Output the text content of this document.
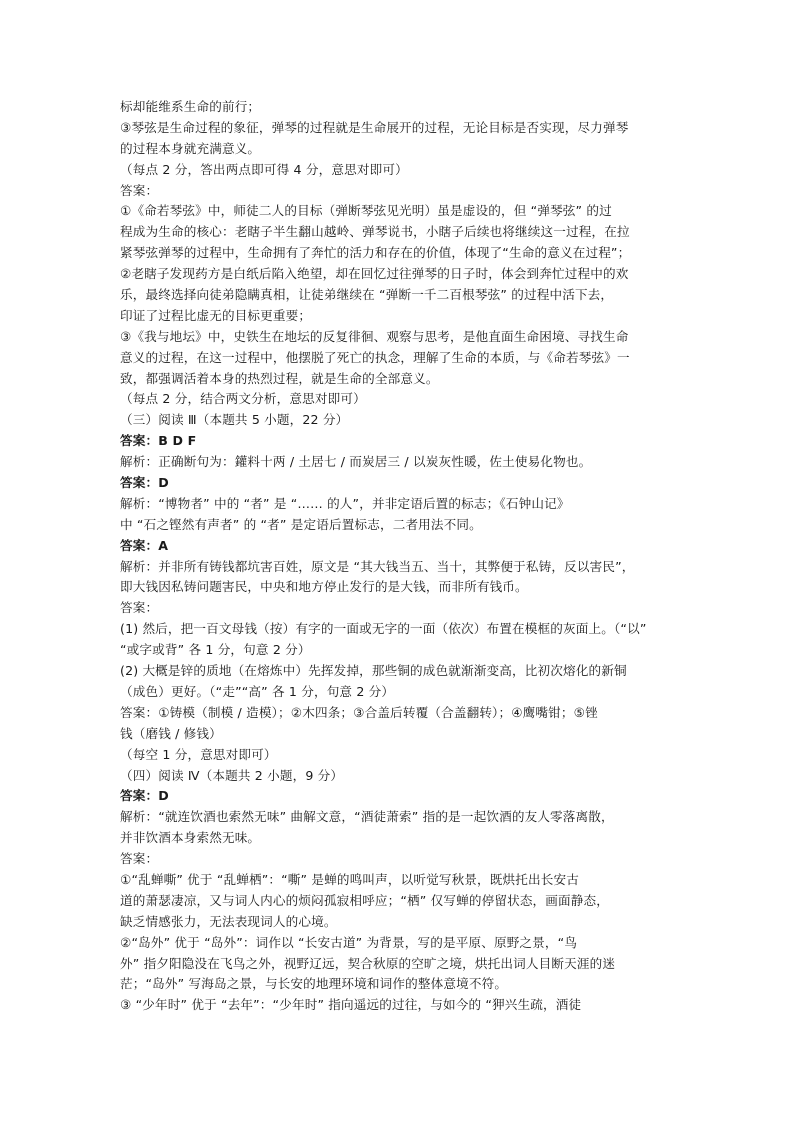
标却能维系生命的前行；
③琴弦是生命过程的象征，弹琴的过程就是生命展开的过程，无论目标是否实现，尽力弹琴
的过程本身就充满意义。
（每点 2 分，答出两点即可得 4 分，意思对即可）
答案：
①《命若琴弦》中，师徒二人的目标（弹断琴弦见光明）虽是虚设的，但 “弹琴弦” 的过
程成为生命的核心：老瞎子半生翻山越岭、弹琴说书，小瞎子后续也将继续这一过程，在拉
紧琴弦弹琴的过程中，生命拥有了奔忙的活力和存在的价值，体现了“生命的意义在过程”；
②老瞎子发现药方是白纸后陷入绝望，却在回忆过往弹琴的日子时，体会到奔忙过程中的欢
乐，最终选择向徒弟隐瞒真相，让徒弟继续在 “弹断一千二百根琴弦” 的过程中活下去，
印证了过程比虚无的目标更重要；
③《我与地坛》中，史铁生在地坛的反复徘徊、观察与思考，是他直面生命困境、寻找生命
意义的过程，在这一过程中，他摆脱了死亡的执念，理解了生命的本质，与《命若琴弦》一
致，都强调活着本身的热烈过程，就是生命的全部意义。
（每点 2 分，结合两文分析，意思对即可）
（三）阅读 Ⅲ（本题共 5 小题，22 分）
答案：B D F
解析：正确断句为：鑵料十两 / 土居七 / 而炭居三 / 以炭灰性暖，佐土使易化物也。
答案：D
解析：“博物者” 中的 “者” 是 “…… 的人”，并非定语后置的标志；《石钟山记》
中 “石之铿然有声者” 的 “者” 是定语后置标志，二者用法不同。
答案：A
解析：并非所有铸钱都坑害百姓，原文是 “其大钱当五、当十，其弊便于私铸，反以害民”，
即大钱因私铸问题害民，中央和地方停止发行的是大钱，而非所有钱币。
答案：
(1) 然后，把一百文母钱（按）有字的一面或无字的一面（依次）布置在模框的灰面上。（“以”
“或字或背” 各 1 分，句意 2 分）
(2) 大概是锌的质地（在熔炼中）先挥发掉，那些铜的成色就渐渐变高，比初次熔化的新铜
（成色）更好。（“走”“高” 各 1 分，句意 2 分）
答案：①铸模（制模 / 造模）；②木四条；③合盖后转覆（合盖翻转）；④鹰嘴钳；⑤锉
钱（磨钱 / 修钱）
（每空 1 分，意思对即可）
（四）阅读 Ⅳ（本题共 2 小题，9 分）
答案：D
解析：“就连饮酒也索然无味” 曲解文意，“酒徒萧索” 指的是一起饮酒的友人零落离散，
并非饮酒本身索然无味。
答案：
①“乱蝉嘶” 优于 “乱蝉栖”：“嘶” 是蝉的鸣叫声，以听觉写秋景，既烘托出长安古
道的萧瑟凄凉，又与词人内心的烦闷孤寂相呼应；“栖” 仅写蝉的停留状态，画面静态，
缺乏情感张力，无法表现词人的心境。
②“岛外” 优于 “岛外”：词作以 “长安古道” 为背景，写的是平原、原野之景，“鸟
外” 指夕阳隐没在飞鸟之外，视野辽远，契合秋原的空旷之境，烘托出词人目断天涯的迷
茫；“岛外” 写海岛之景，与长安的地理环境和词作的整体意境不符。
③ “少年时” 优于 “去年”：“少年时” 指向遥远的过往，与如今的 “狎兴生疏，酒徒
